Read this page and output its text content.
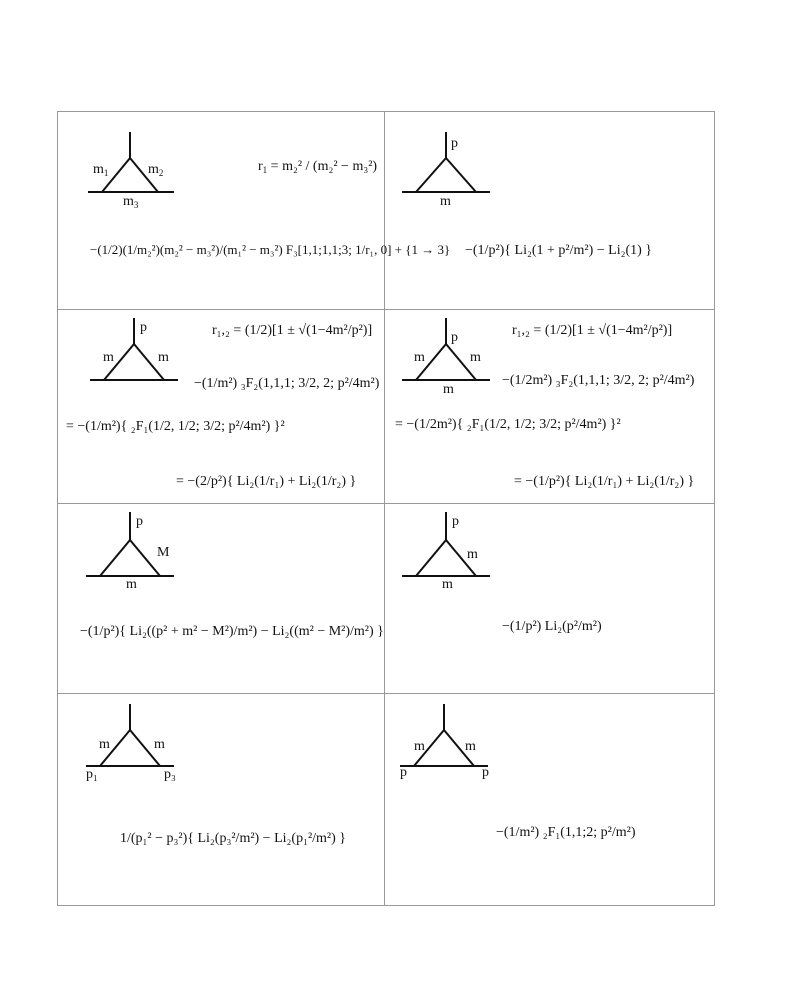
$m_1$	$m_2$
$m_3$
$r_1 = m_2^2 / (m_2^2 - m_3^2)$
−(1/2)(1/m₂²)(m₂² − m₃²)/(m₁² − m₃²) F₃[1,1;1,1;3; 1/r₁, 0] + {1 → 3}
p
m
−(1/p²){ Li₂(1 + p²/m²) − Li₂(1) }
p
m	m
r₁,₂ = (1/2)[1 ± √(1−4m²/p²)]
−(1/m²) ₃F₂(1,1,1; 3/2, 2; p²/4m²)
= −(1/m²){ ₂F₁(1/2, 1/2; 3/2; p²/4m²) }²
= −(2/p²){ Li₂(1/r₁) + Li₂(1/r₂) }
p
m	m
m
r₁,₂ = (1/2)[1 ± √(1−4m²/p²)]
−(1/2m²) ₃F₂(1,1,1; 3/2, 2; p²/4m²)
= −(1/2m²){ ₂F₁(1/2, 1/2; 3/2; p²/4m²) }²
= −(1/p²){ Li₂(1/r₁) + Li₂(1/r₂) }
p
M
m
−(1/p²){ Li₂((p² + m² − M²)/m²) − Li₂((m² − M²)/m²) }
p
m
m
−(1/p²) Li₂(p²/m²)
m	m
p₁	p₃
1/(p₁² − p₃²){ Li₂(p₃²/m²) − Li₂(p₁²/m²) }
m	m
p	p
−(1/m²) ₂F₁(1,1;2; p²/m²)
